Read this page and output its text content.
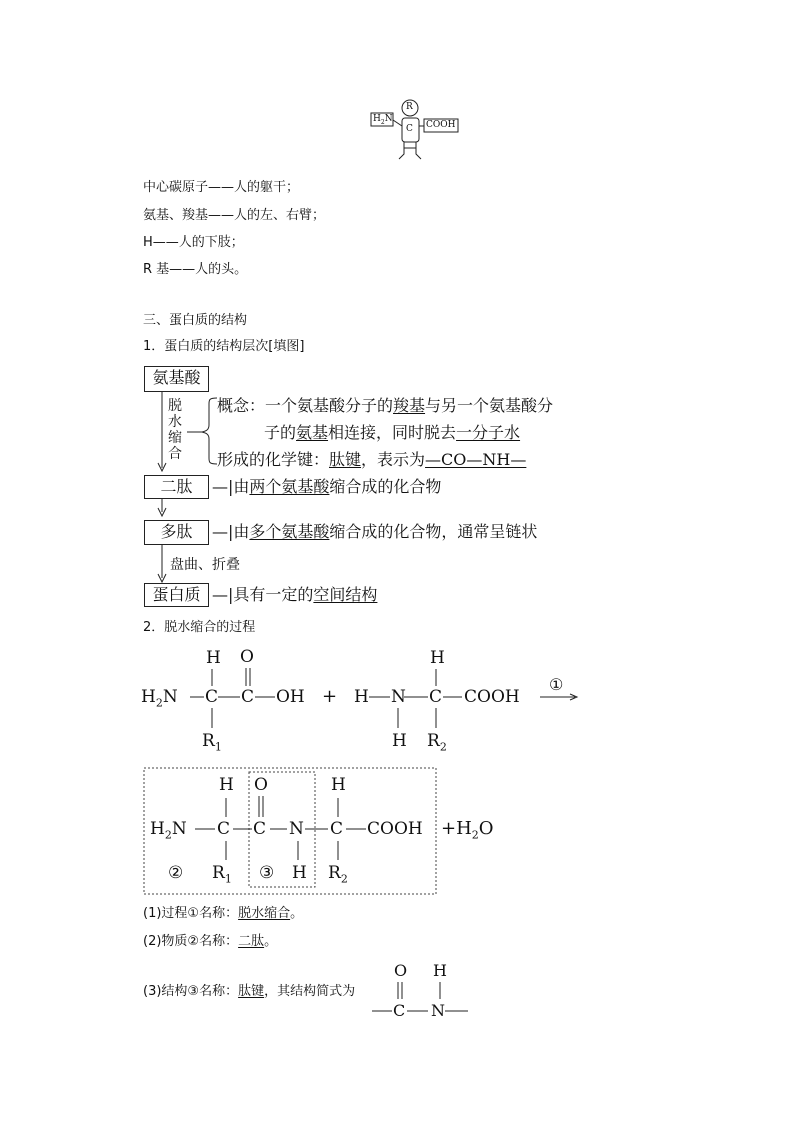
R
C
$H_2N$
COOH
中心碳原子——人的躯干；
氨基、羧基——人的左、右臂；
H——人的下肢；
R 基——人的头。
三、蛋白质的结构
1．蛋白质的结构层次[填图]
氨基酸
脱
水
缩
合
概念：一个氨基酸分子的羧基与另一个氨基酸分
子的氨基相连接，同时脱去一分子水
形成的化学键：肽键，表示为—CO—NH—
二肽	—|由两个氨基酸缩合成的化合物
多肽	—|由多个氨基酸缩合成的化合物，通常呈链状
盘曲、折叠
蛋白质 —|具有一定的空间结构
2．脱水缩合的过程
H O
$H_2N$ C C OH
$R_1$
+ H N C COOH
H
H $R_2$
①
H O	H
$H_2N$ C C N C COOH $+H_2O$
② $R_1$ ③ H $R_2$
(1)过程①名称：脱水缩合。
(2)物质②名称：二肽。
(3)结构③名称：肽键，其结构简式为
O H
C N
